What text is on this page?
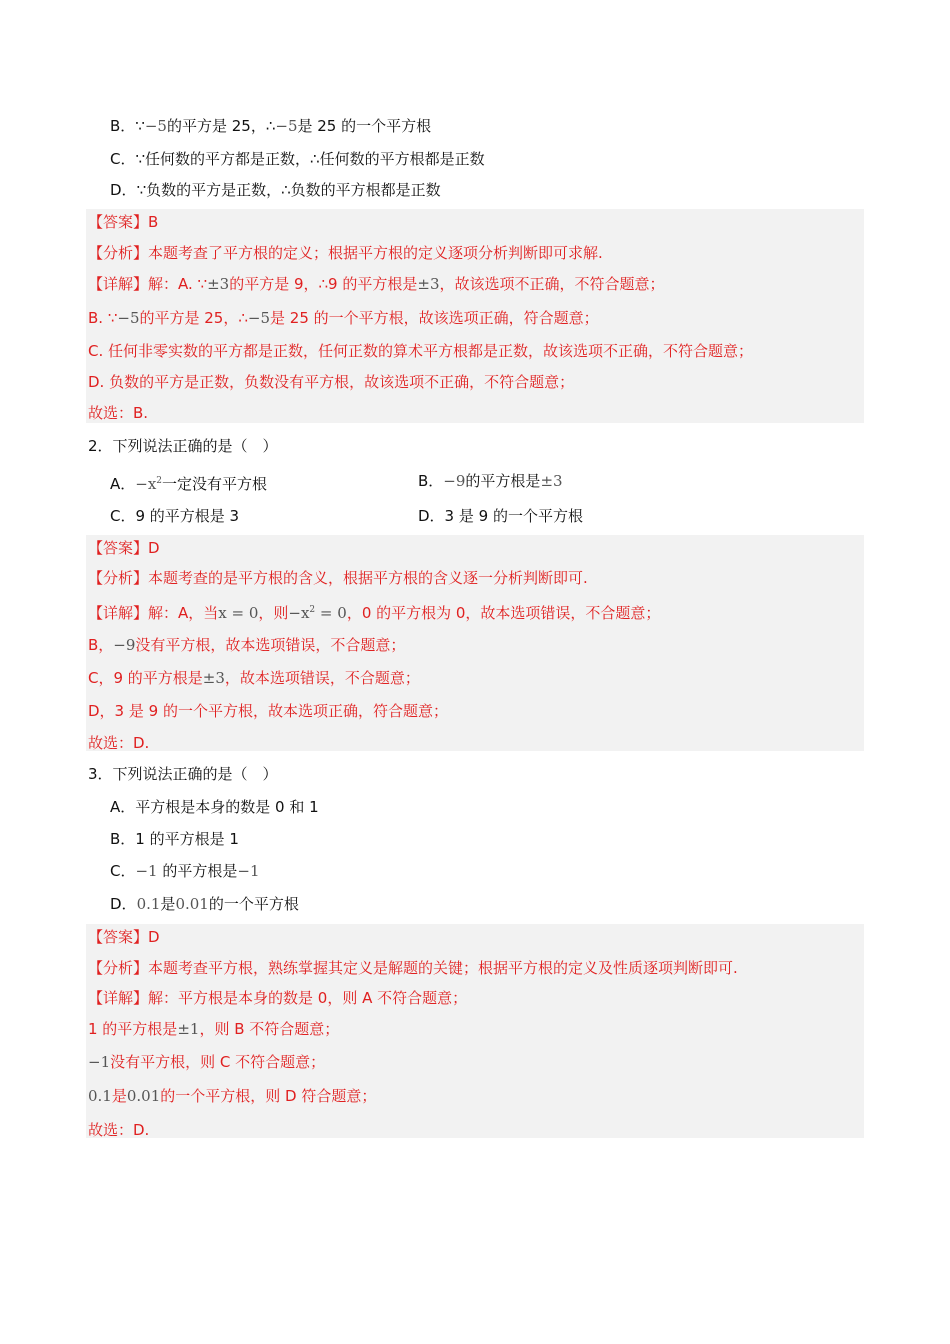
B．∵−5的平方是 25，∴−5是 25 的一个平方根
C．∵任何数的平方都是正数，∴任何数的平方根都是正数
D．∵负数的平方是正数，∴负数的平方根都是正数
【答案】B
【分析】本题考查了平方根的定义；根据平方根的定义逐项分析判断即可求解.
【详解】解：A. ∵±3的平方是 9，∴9 的平方根是±3，故该选项不正确，不符合题意；
B. ∵−5的平方是 25，∴−5是 25 的一个平方根，故该选项正确，符合题意；
C. 任何非零实数的平方都是正数，任何正数的算术平方根都是正数，故该选项不正确，不符合题意；
D. 负数的平方是正数，负数没有平方根，故该选项不正确，不符合题意；
故选：B.
2．下列说法正确的是（　）
A．$-x^2$一定没有平方根	B．−9的平方根是±3
C．9 的平方根是 3	D．3 是 9 的一个平方根
【答案】D
【分析】本题考查的是平方根的含义，根据平方根的含义逐一分析判断即可.
【详解】解：A，当x = 0，则$-x^2 = 0$，0 的平方根为 0，故本选项错误，不合题意；
B，−9没有平方根，故本选项错误，不合题意；
C，9 的平方根是±3，故本选项错误，不合题意；
D，3 是 9 的一个平方根，故本选项正确，符合题意；
故选：D.
3．下列说法正确的是（　）
A．平方根是本身的数是 0 和 1
B．1 的平方根是 1
C．−1 的平方根是−1
D．0.1是0.01的一个平方根
【答案】D
【分析】本题考查平方根，熟练掌握其定义是解题的关键；根据平方根的定义及性质逐项判断即可.
【详解】解：平方根是本身的数是 0，则 A 不符合题意；
1 的平方根是±1，则 B 不符合题意；
−1没有平方根，则 C 不符合题意；
0.1是0.01的一个平方根，则 D 符合题意；
故选：D.
